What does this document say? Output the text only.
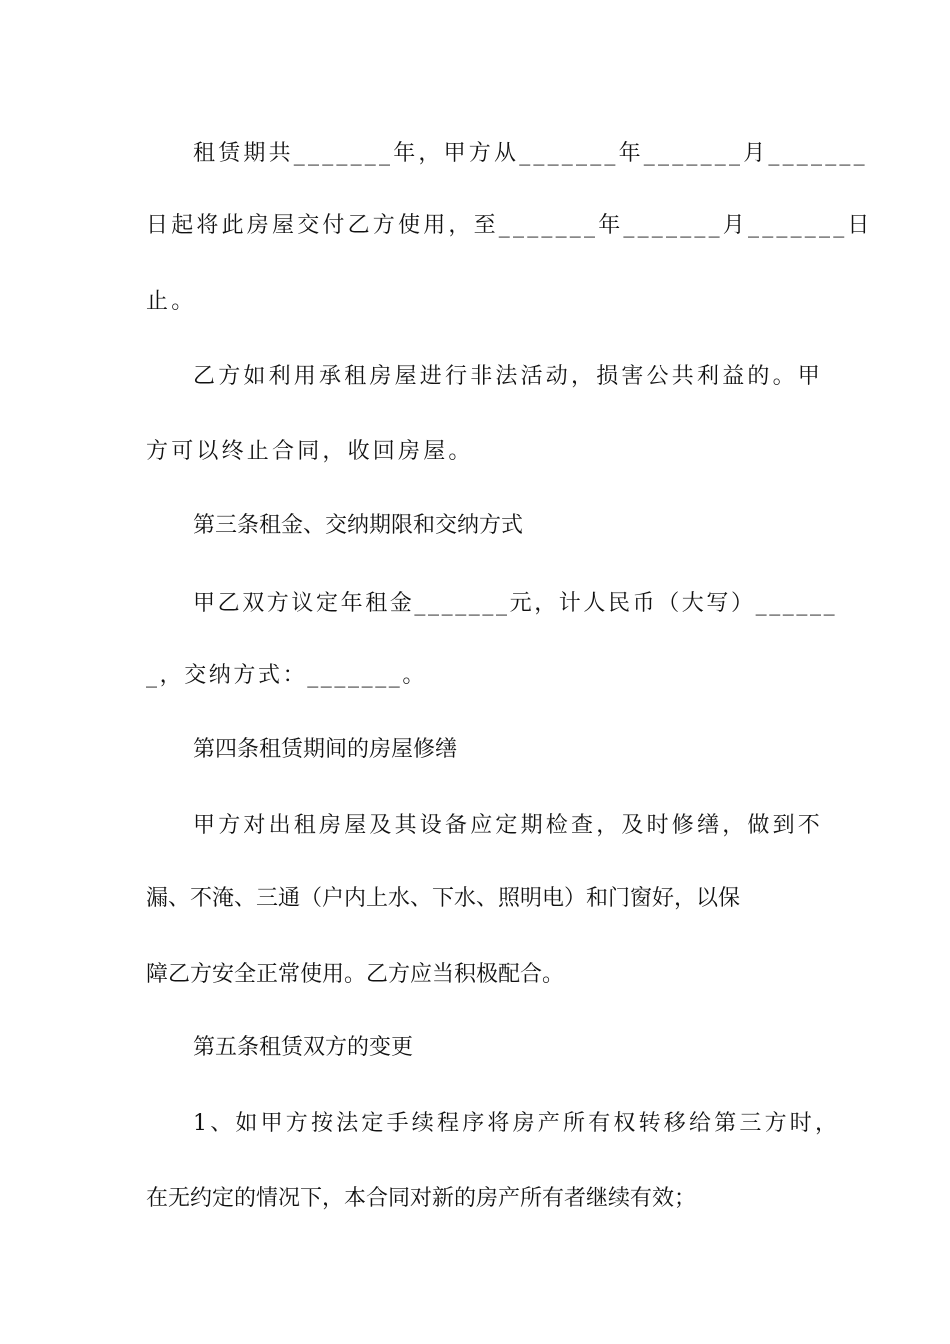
租赁期共_______年，甲方从_______年_______月_______
日起将此房屋交付乙方使用，至_______年_______月_______日
止。
乙方如利用承租房屋进行非法活动，损害公共利益的。甲
方可以终止合同，收回房屋。
第三条租金、交纳期限和交纳方式
甲乙双方议定年租金_______元，计人民币（大写）______
_，交纳方式：_______。
第四条租赁期间的房屋修缮
甲方对出租房屋及其设备应定期检查，及时修缮，做到不
漏、不淹、三通（户内上水、下水、照明电）和门窗好，以保
障乙方安全正常使用。乙方应当积极配合。
第五条租赁双方的变更
1、如甲方按法定手续程序将房产所有权转移给第三方时，
在无约定的情况下，本合同对新的房产所有者继续有效；
